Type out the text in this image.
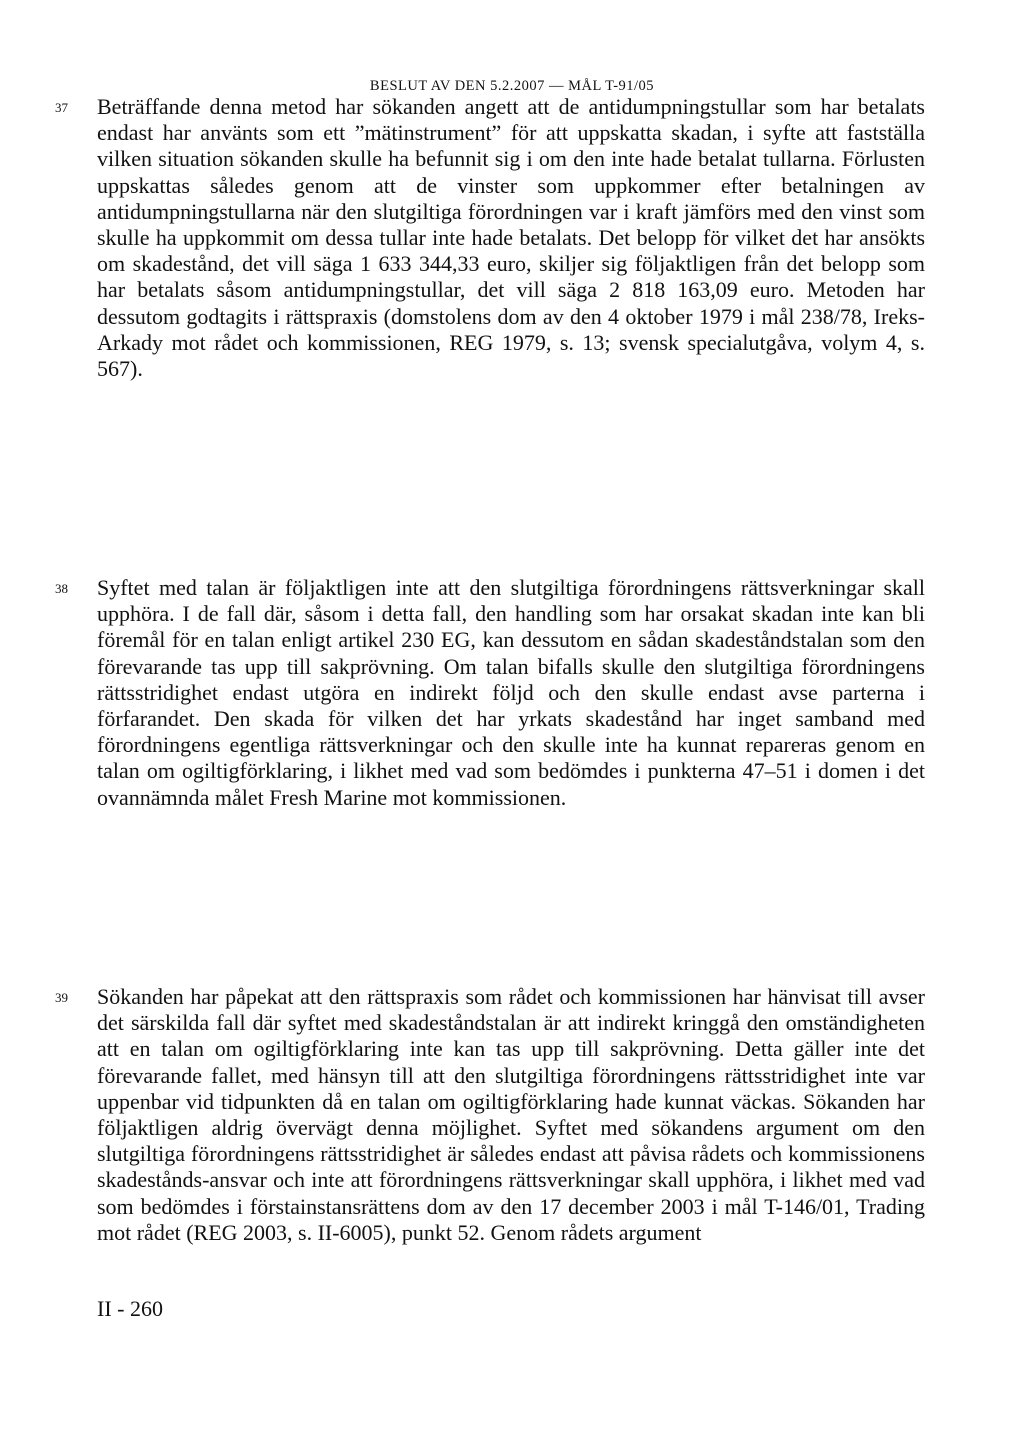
BESLUT AV DEN 5.2.2007 — MÅL T-91/05
37 Beträffande denna metod har sökanden angett att de antidumpningstullar som har betalats endast har använts som ett ”mätinstrument” för att uppskatta skadan, i syfte att fastställa vilken situation sökanden skulle ha befunnit sig i om den inte hade betalat tullarna. Förlusten uppskattas således genom att de vinster som uppkommer efter betalningen av antidumpningstullarna när den slutgiltiga förordningen var i kraft jämförs med den vinst som skulle ha uppkommit om dessa tullar inte hade betalats. Det belopp för vilket det har ansökts om skadestånd, det vill säga 1 633 344,33 euro, skiljer sig följaktligen från det belopp som har betalats såsom antidumpningstullar, det vill säga 2 818 163,09 euro. Metoden har dessutom godtagits i rättspraxis (domstolens dom av den 4 oktober 1979 i mål 238/78, Ireks-Arkady mot rådet och kommissionen, REG 1979, s. 13; svensk specialutgåva, volym 4, s. 567).

38 Syftet med talan är följaktligen inte att den slutgiltiga förordningens rättsverkningar skall upphöra. I de fall där, såsom i detta fall, den handling som har orsakat skadan inte kan bli föremål för en talan enligt artikel 230 EG, kan dessutom en sådan skadeståndstalan som den förevarande tas upp till sakprövning. Om talan bifalls skulle den slutgiltiga förordningens rättsstridighet endast utgöra en indirekt följd och den skulle endast avse parterna i förfarandet. Den skada för vilken det har yrkats skadestånd har inget samband med förordningens egentliga rättsverkningar och den skulle inte ha kunnat repareras genom en talan om ogiltigförklaring, i likhet med vad som bedömdes i punkterna 47–51 i domen i det ovannämnda målet Fresh Marine mot kommissionen.

39 Sökanden har påpekat att den rättspraxis som rådet och kommissionen har hänvisat till avser det särskilda fall där syftet med skadeståndstalan är att indirekt kringgå den omständigheten att en talan om ogiltigförklaring inte kan tas upp till sakprövning. Detta gäller inte det förevarande fallet, med hänsyn till att den slutgiltiga förordningens rättsstridighet inte var uppenbar vid tidpunkten då en talan om ogiltigförklaring hade kunnat väckas. Sökanden har följaktligen aldrig övervägt denna möjlighet. Syftet med sökandens argument om den slutgiltiga förordningens rättsstridighet är således endast att påvisa rådets och kommissionens skadestånds-ansvar och inte att förordningens rättsverkningar skall upphöra, i likhet med vad som bedömdes i förstainstansrättens dom av den 17 december 2003 i mål T-146/01, Trading mot rådet (REG 2003, s. II-6005), punkt 52. Genom rådets argument

II - 260
